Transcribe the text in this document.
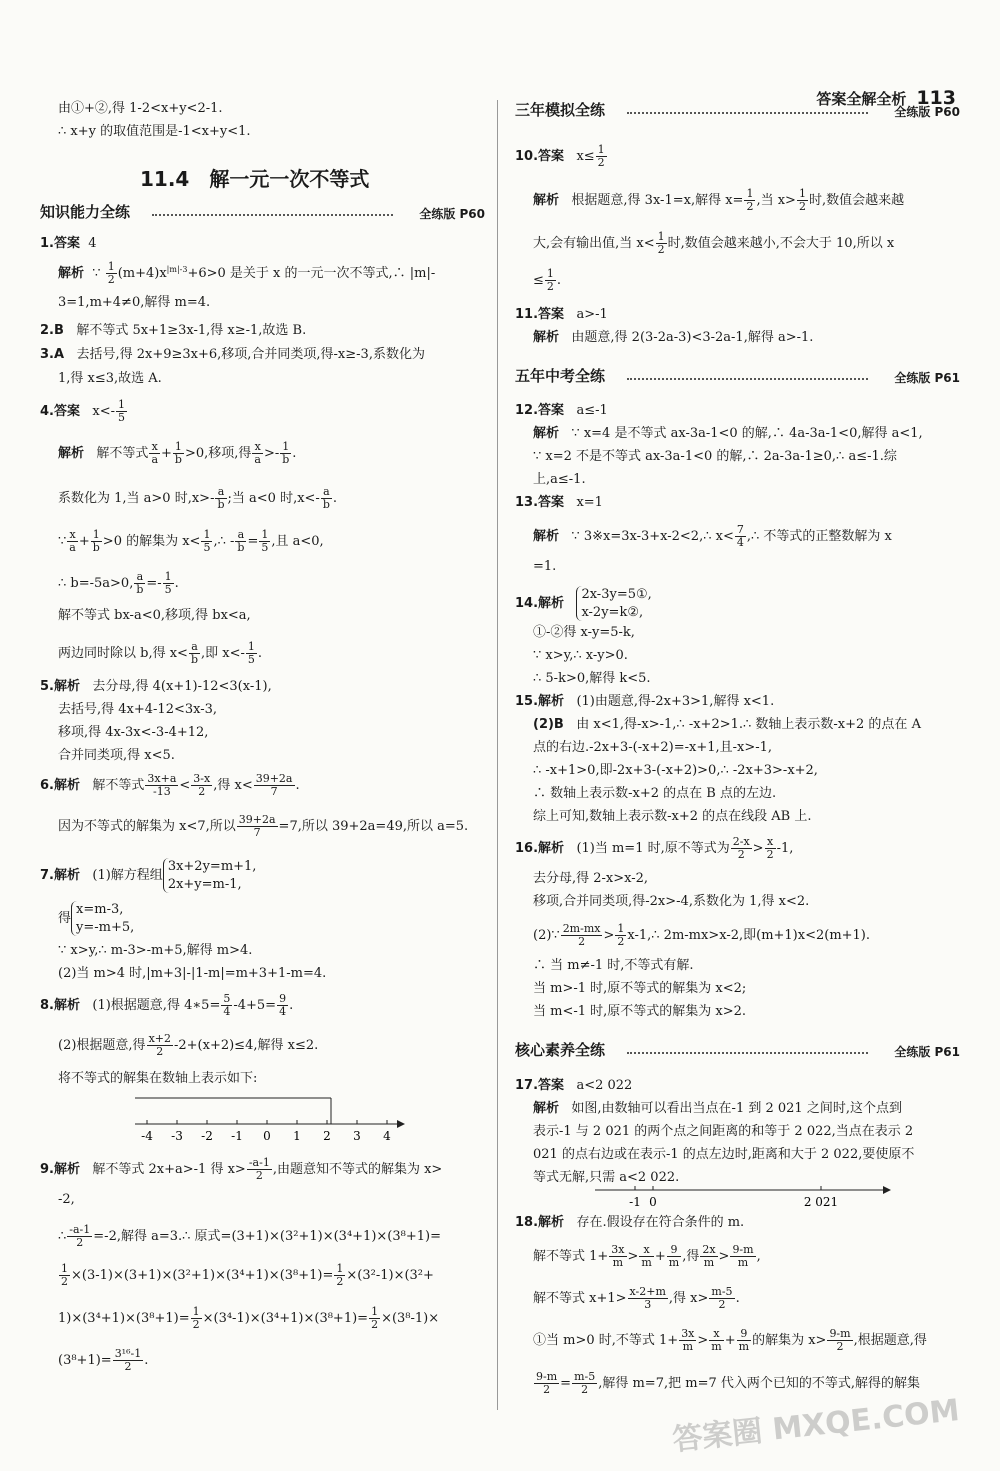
答案全解全析 113
由①+②,得 1-2<x+y<2-1.
∴ x+y 的取值范围是-1<x+y<1.
11.4　解一元一次不等式
知识能力全练	全练版 P60
1.答案 4
解析 ∵ $\frac{1}{2} (m+4)x^{|m|-3}+6>0$ 是关于 x 的一元一次不等式,∴ |m|-
3=1,m+4≠0,解得 m=4.
2.B 解不等式 5x+1≥3x-1,得 x≥-1,故选 B.
3.A 去括号,得 2x+9≥3x+6,移项,合并同类项,得-x≥-3,系数化为
1,得 x≤3,故选 A.
4.答案 $x<- \frac{1}{5}$
解析 解不等式 $\frac{x}{a} + \frac{1}{b} >0$,移项,得 $\frac{x}{a} >- \frac{1}{b}$ .
系数化为 1,当 a>0 时$,x>- \frac{a}{b}$ ;当 a<0 时$,x<- \frac{a}{b}$ .
∵ $\frac{x}{a} + \frac{1}{b} >0$ 的解集为 $x< \frac{1}{5}$ ,∴ - $\frac{a}{b} = \frac{1}{5}$ ,且 a<0,
∴ b=-5a>0, $\frac{a}{b} =- \frac{1}{5}$ .
解不等式 bx-a<0,移项,得 bx<a,
两边同时除以 b,得 $x< \frac{a}{b}$ ,即 $x<- \frac{1}{5}$ .
5.解析 去分母,得 4(x+1)-12<3(x-1),
去括号,得 4x+4-12<3x-3,
移项,得 4x-3x<-3-4+12,
合并同类项,得 x<5.
6.解析 解不等式 $\frac{3x+a}{-13} < \frac{3-x}{2}$ ,得 $x< \frac{39+2a}{7}$ .
因为不等式的解集为 x<7,所以 $\frac{39+2a}{7} =7$,所以 39+2a=49,所以 a=5.
7.解析 (1)解方程组3x+2y=m+1,
2x+y=m-1,
得x=m-3,
y=-m+5,
∵ x>y,∴ m-3>-m+5,解得 m>4.
(2)当 m>4 时,|m+3|-|1-m|=m+3+1-m=4.
8.解析 (1)根据题意,得 4∗5= $\frac{5}{4} -4+5= \frac{9}{4}$ .
(2)根据题意,得 $\frac{x+2}{2} -2+(x+2)\le 4$,解得 x≤2.
将不等式的解集在数轴上表示如下:
-4 -3 -2 -1 0 1 2 3 4
9.解析 解不等式 2x+a>-1 得 $x> \frac{-a-1}{2}$ ,由题意知不等式的解集为 x>
-2,
∴ $\frac{-a-1}{2} =-2$,解得 a=3.∴ 原式=(3+1)×(3²+1)×(3⁴+1)×(3⁸+1)=
$\frac{1}{2} \times(3-1)\times(3+1)\times(3^2+1)\times(3^4+1)\times(3^8+1)= \frac{1}{2} \times(3^2-1)\times(3^2+$
$1)\times(3^4+1)\times(3^8+1)= \frac{1}{2} \times(3^4-1)\times(3^4+1)\times(3^8+1)= \frac{1}{2} \times(3^8-1)\times$
$(3^8+1)= \frac{\text{3¹⁶-1}}{2}$ .
三年模拟全练	全练版 P60
10.答案 $x\le \frac{1}{2}$
解析 根据题意,得 3x-1=x,解得 $x= \frac{1}{2}$ ,当 $x> \frac{1}{2}$ 时,数值会越来越
大,会有输出值,当 $x< \frac{1}{2}$ 时,数值会越来越小,不会大于 10,所以 x
≤ $\frac{1}{2}$ .
11.答案 a>-1
解析 由题意,得 2(3-2a-3)<3-2a-1,解得 a>-1.
五年中考全练	全练版 P61
12.答案 a≤-1
解析 ∵ x=4 是不等式 ax-3a-1<0 的解,∴ 4a-3a-1<0,解得 a<1,
∵ x=2 不是不等式 ax-3a-1<0 的解,∴ 2a-3a-1≥0,∴ a≤-1.综
上,a≤-1.
13.答案 x=1
解析 ∵ 3※x=3x-3+x-2<2,∴ $x< \frac{7}{4}$ ,∴ 不等式的正整数解为 x
=1.
14.解析   2x-3y=5①,
x-2y=k②,
①-②得 x-y=5-k,
∵ x>y,∴ x-y>0.
∴ 5-k>0,解得 k<5.
15.解析 (1)由题意,得-2x+3>1,解得 x<1.
(2)B 由 x<1,得-x>-1,∴ -x+2>1.∴ 数轴上表示数-x+2 的点在 A
点的右边.-2x+3-(-x+2)=-x+1,且-x>-1,
∴ -x+1>0,即-2x+3-(-x+2)>0,∴ -2x+3>-x+2,
∴ 数轴上表示数-x+2 的点在 B 点的左边.
综上可知,数轴上表示数-x+2 的点在线段 AB 上.
16.解析 (1)当 m=1 时,原不等式为 $\frac{2-x}{2} > \frac{x}{2} -1$,
去分母,得 2-x>x-2,
移项,合并同类项,得-2x>-4,系数化为 1,得 x<2.
(2)∵ $\frac{2m-mx}{2} > \frac{1}{2}$ x-1,∴ 2m-mx>x-2,即(m+1)x<2(m+1).
∴ 当 m≠-1 时,不等式有解.
当 m>-1 时,原不等式的解集为 x<2;
当 m<-1 时,原不等式的解集为 x>2.
核心素养全练	全练版 P61
17.答案 a<2 022
解析 如图,由数轴可以看出当点在-1 到 2 021 之间时,这个点到
表示-1 与 2 021 的两个点之间距离的和等于 2 022,当点在表示 2
021 的点右边或在表示-1 的点左边时,距离和大于 2 022,要使原不
等式无解,只需 a<2 022.
-1 0	2 021
18.解析 存在.假设存在符合条件的 m.
解不等式 $1+ \frac{3x}{m} > \frac{x}{m} + \frac{9}{m}$ ,得 $\frac{2x}{m} > \frac{9-m}{m}$ ,
解不等式 $x+1> \frac{x-2+m}{3}$ ,得 $x> \frac{m-5}{2}$ .
①当 m>0 时,不等式 $1+ \frac{3x}{m} > \frac{x}{m} + \frac{9}{m}$ 的解集为 $x> \frac{9-m}{2}$ ,根据题意,得
$\frac{9-m}{2} = \frac{m-5}{2}$ ,解得 m=7,把 m=7 代入两个已知的不等式,解得的解集
答案圈 MXQE.COM
